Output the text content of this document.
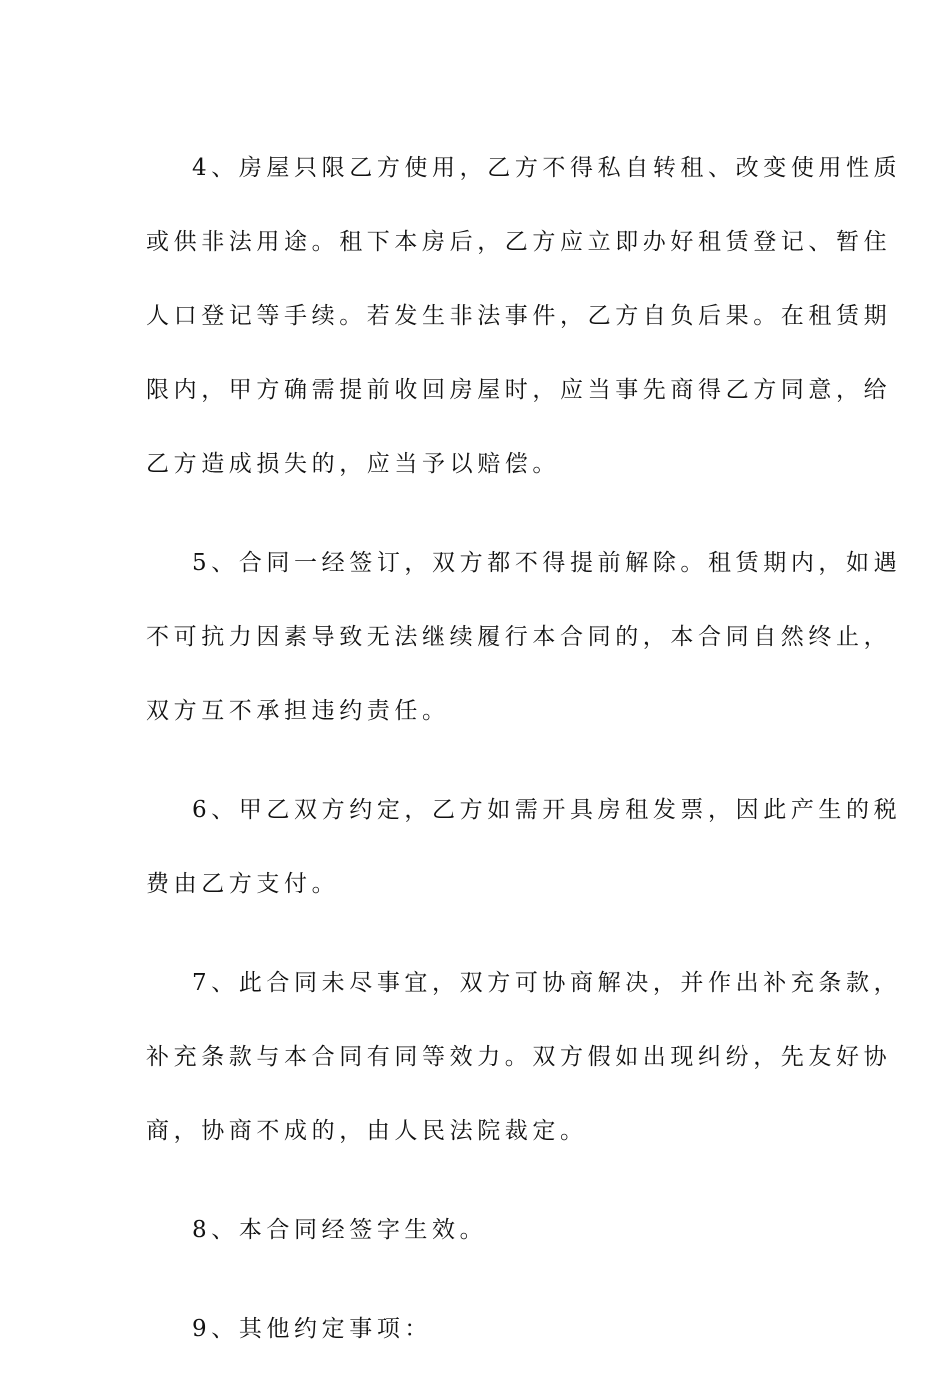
4、房屋只限乙方使用，乙方不得私自转租、改变使用性质
或供非法用途。租下本房后，乙方应立即办好租赁登记、暂住
人口登记等手续。若发生非法事件，乙方自负后果。在租赁期
限内，甲方确需提前收回房屋时，应当事先商得乙方同意，给
乙方造成损失的，应当予以赔偿。
5、合同一经签订，双方都不得提前解除。租赁期内，如遇
不可抗力因素导致无法继续履行本合同的，本合同自然终止，
双方互不承担违约责任。
6、甲乙双方约定，乙方如需开具房租发票，因此产生的税
费由乙方支付。
7、此合同未尽事宜，双方可协商解决，并作出补充条款，
补充条款与本合同有同等效力。双方假如出现纠纷，先友好协
商，协商不成的，由人民法院裁定。
8、本合同经签字生效。
9、其他约定事项：
